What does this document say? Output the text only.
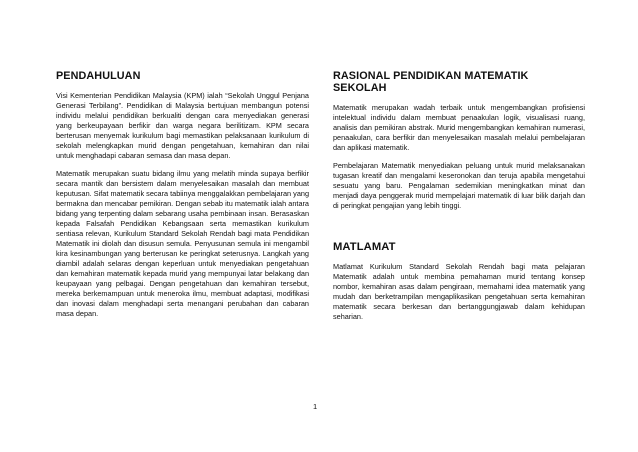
PENDAHULUAN

Visi Kementerian Pendidikan Malaysia (KPM) ialah “Sekolah Unggul Penjana Generasi Terbilang”. Pendidikan di Malaysia bertujuan membangun potensi individu melalui pendidikan berkualiti dengan cara menyediakan generasi yang berkeupayaan berfikir dan warga negara berilitizam. KPM secara berterusan menyemak kurikulum bagi memastikan pelaksanaan kurikulum di sekolah melengkapkan murid dengan pengetahuan, kemahiran dan nilai untuk menghadapi cabaran semasa dan masa depan.

Matematik merupakan suatu bidang ilmu yang melatih minda supaya berfikir secara mantik dan bersistem dalam menyelesaikan masalah dan membuat keputusan. Sifat matematik secara tabiinya menggalakkan pembelajaran yang bermakna dan mencabar pemikiran. Dengan sebab itu matematik ialah antara bidang yang terpenting dalam sebarang usaha pembinaan insan. Berasaskan kepada Falsafah Pendidikan Kebangsaan serta memastikan kurikulum sentiasa relevan, Kurikulum Standard Sekolah Rendah bagi mata Pendidikan Matematik ini diolah dan disusun semula. Penyusunan semula ini mengambil kira kesinambungan yang berterusan ke peringkat seterusnya. Langkah yang diambil adalah selaras dengan keperluan untuk menyediakan pengetahuan dan kemahiran matematik kepada murid yang mempunyai latar belakang dan keupayaan yang pelbagai. Dengan pengetahuan dan kemahiran tersebut, mereka berkemampuan untuk meneroka ilmu, membuat adaptasi, modifikasi dan inovasi dalam menghadapi serta menangani perubahan dan cabaran masa depan.

RASIONAL PENDIDIKAN MATEMATIK SEKOLAH

Matematik merupakan wadah terbaik untuk mengembangkan profisiensi intelektual individu dalam membuat penaakulan logik, visualisasi ruang, analisis dan pemikiran abstrak. Murid mengembangkan kemahiran numerasi, penaakulan, cara berfikir dan menyelesaikan masalah melalui pembelajaran dan aplikasi matematik.

Pembelajaran Matematik menyediakan peluang untuk murid melaksanakan tugasan kreatif dan mengalami keseronokan dan teruja apabila mengetahui sesuatu yang baru. Pengalaman sedemikian meningkatkan minat dan menjadi daya penggerak murid mempelajari matematik di luar bilik darjah dan di peringkat pengajian yang lebih tinggi.

MATLAMAT

Matlamat Kurikulum Standard Sekolah Rendah bagi mata pelajaran Matematik adalah untuk membina pemahaman murid tentang konsep nombor, kemahiran asas dalam pengiraan, memahami idea matematik yang mudah dan berketrampilan mengaplikasikan pengetahuan serta kemahiran matematik secara berkesan dan bertanggungjawab dalam kehidupan seharian.

1
